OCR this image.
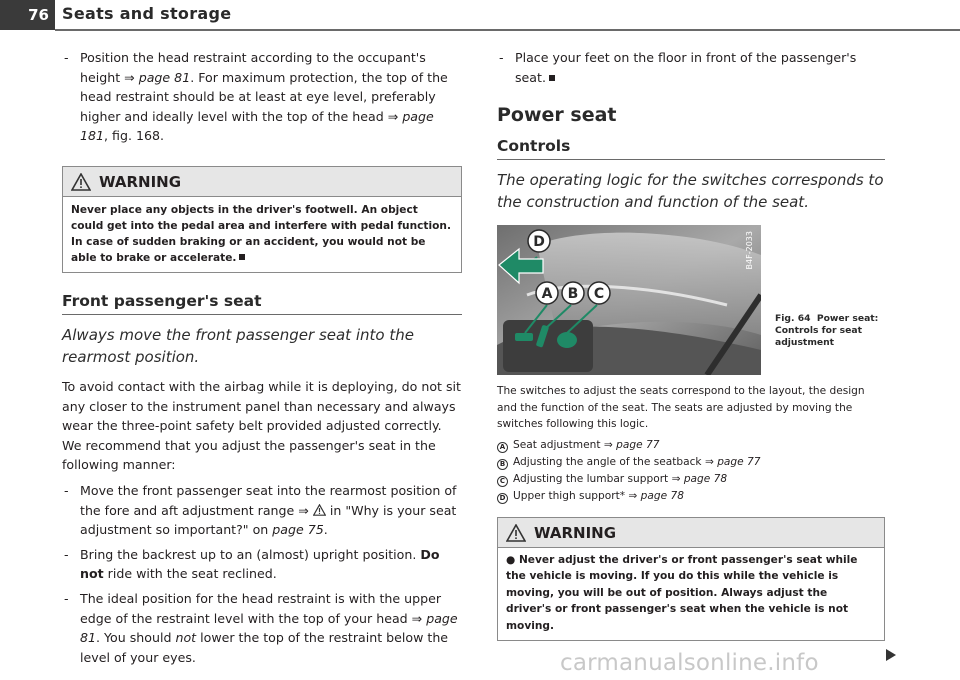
76 Seats and storage
- Position the head restraint according to the occupant's height ⇒ page 81. For maximum protection, the top of the head restraint should be at least at eye level, preferably higher and ideally level with the top of the head ⇒ page 181, fig. 168.
WARNING
Never place any objects in the driver's footwell. An object could get into the pedal area and interfere with pedal function. In case of sudden braking or an accident, you would not be able to brake or accelerate.
Front passenger's seat
Always move the front passenger seat into the rearmost position.
To avoid contact with the airbag while it is deploying, do not sit any closer to the instrument panel than necessary and always wear the three-point safety belt provided adjusted correctly. We recommend that you adjust the passenger's seat in the following manner:
- Move the front passenger seat into the rearmost position of the fore and aft adjustment range ⇒  in "Why is your seat adjustment so important?" on page 75.
- Bring the backrest up to an (almost) upright position. Do not ride with the seat reclined.
- The ideal position for the head restraint is with the upper edge of the restraint level with the top of your head ⇒ page 81. You should not lower the top of the restraint below the level of your eyes.
- Place your feet on the floor in front of the passenger's seat.
Power seat
Controls
The operating logic for the switches corresponds to the construction and function of the seat.
A B C
D	B4F-2033
Fig. 64 Power seat: Controls for seat adjustment
The switches to adjust the seats correspond to the layout, the design and the function of the seat. The seats are adjusted by moving the switches following this logic.
A Seat adjustment ⇒ page 77
B Adjusting the angle of the seatback ⇒ page 77
C Adjusting the lumbar support ⇒ page 78
D Upper thigh support* ⇒ page 78
WARNING
● Never adjust the driver's or front passenger's seat while the vehicle is moving. If you do this while the vehicle is moving, you will be out of position. Always adjust the driver's or front passenger's seat when the vehicle is not moving.
carmanualsonline.info
